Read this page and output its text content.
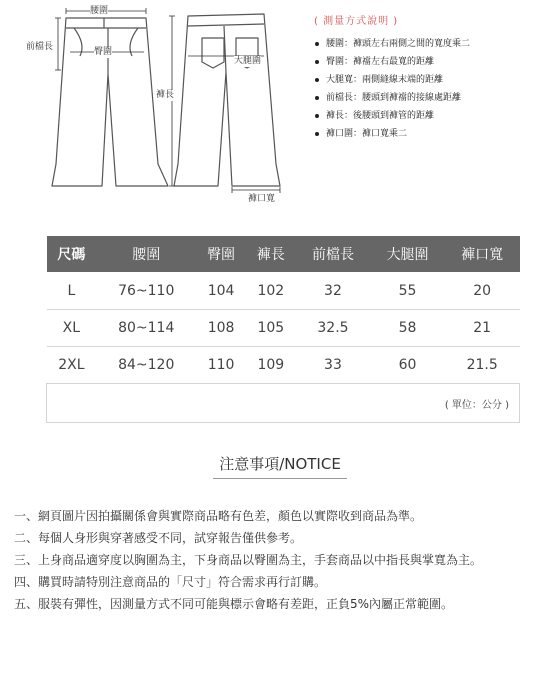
腰圍
前檔長	臀圍
大腿圍
褲長
褲口寬
( 測量方式說明 )
腰圍：褲頭左右兩側之間的寬度乘二
臀圍：褲襠左右最寬的距離
大腿寬：兩側縫線末端的距離
前檔長：腰頭到褲襠的接線處距離
褲長：後腰頭到褲管的距離
褲口圍：褲口寬乘二
尺碼	腰圍	臀圍	褲長	前檔長	大腿圍	褲口寬
L	76~110	104	102	32	55	20
XL	80~114	108	105	32.5	58	21
2XL	84~120	110	109	33	60	21.5
( 單位：公分 )						
注意事項/NOTICE
一、 網頁圖片因拍攝關係會與實際商品略有色差，顏色以實際收到商品為準。
二、 每個人身形與穿著感受不同，試穿報告僅供參考。
三、 上身商品適穿度以胸圍為主，下身商品以臀圍為主，手套商品以中指長與掌寬為主。
四、 購買時請特別注意商品的「尺寸」符合需求再行訂購。
五、 服裝有彈性，因測量方式不同可能與標示會略有差距，正負5%內屬正常範圍。
